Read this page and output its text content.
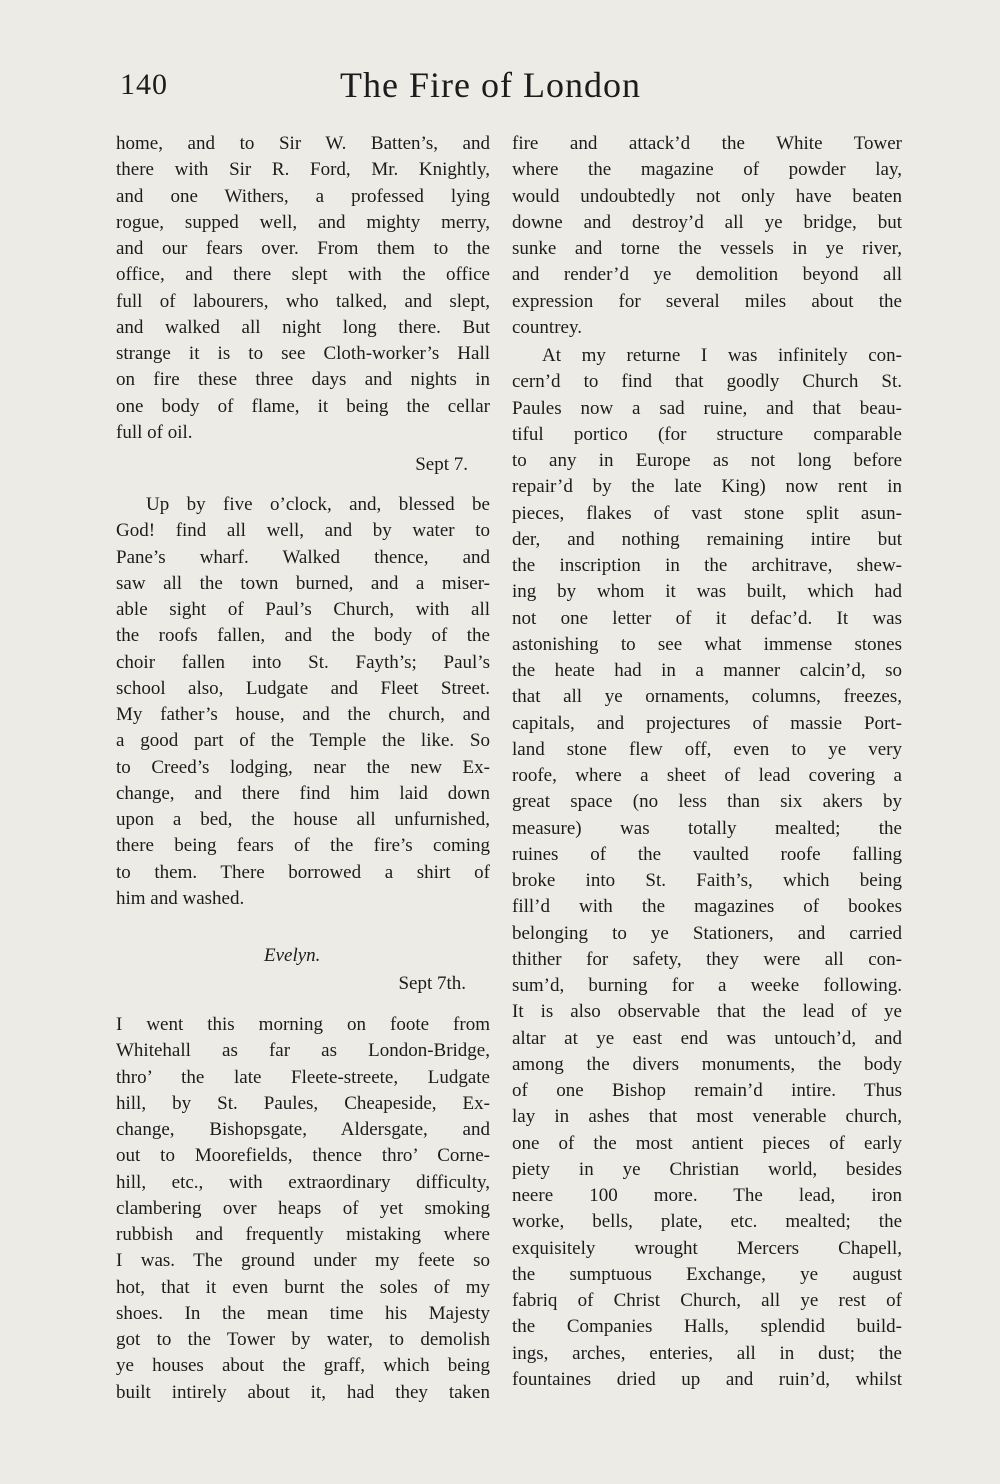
140	The Fire of London
home, and to Sir W. Batten’s, and
there with Sir R. Ford, Mr. Knightly,
and one Withers, a professed lying
rogue, supped well, and mighty merry,
and our fears over. From them to the
office, and there slept with the office
full of labourers, who talked, and slept,
and walked all night long there. But
strange it is to see Cloth-worker’s Hall
on fire these three days and nights in
one body of flame, it being the cellar
full of oil.
Sept 7.
Up by five o’clock, and, blessed be
God! find all well, and by water to
Pane’s wharf. Walked thence, and
saw all the town burned, and a miser-
able sight of Paul’s Church, with all
the roofs fallen, and the body of the
choir fallen into St. Fayth’s; Paul’s
school also, Ludgate and Fleet Street.
My father’s house, and the church, and
a good part of the Temple the like. So
to Creed’s lodging, near the new Ex-
change, and there find him laid down
upon a bed, the house all unfurnished,
there being fears of the fire’s coming
to them. There borrowed a shirt of
him and washed.
Evelyn.
Sept 7th.
I went this morning on foote from
Whitehall as far as London-Bridge,
thro’ the late Fleete-streete, Ludgate
hill, by St. Paules, Cheapeside, Ex-
change, Bishopsgate, Aldersgate, and
out to Moorefields, thence thro’ Corne-
hill, etc., with extraordinary difficulty,
clambering over heaps of yet smoking
rubbish and frequently mistaking where
I was. The ground under my feete so
hot, that it even burnt the soles of my
shoes. In the mean time his Majesty
got to the Tower by water, to demolish
ye houses about the graff, which being
built intirely about it, had they taken
fire and attack’d the White Tower
where the magazine of powder lay,
would undoubtedly not only have beaten
downe and destroy’d all ye bridge, but
sunke and torne the vessels in ye river,
and render’d ye demolition beyond all
expression for several miles about the
countrey.
At my returne I was infinitely con-
cern’d to find that goodly Church St.
Paules now a sad ruine, and that beau-
tiful portico (for structure comparable
to any in Europe as not long before
repair’d by the late King) now rent in
pieces, flakes of vast stone split asun-
der, and nothing remaining intire but
the inscription in the architrave, shew-
ing by whom it was built, which had
not one letter of it defac’d. It was
astonishing to see what immense stones
the heate had in a manner calcin’d, so
that all ye ornaments, columns, freezes,
capitals, and projectures of massie Port-
land stone flew off, even to ye very
roofe, where a sheet of lead covering a
great space (no less than six akers by
measure) was totally mealted; the
ruines of the vaulted roofe falling
broke into St. Faith’s, which being
fill’d with the magazines of bookes
belonging to ye Stationers, and carried
thither for safety, they were all con-
sum’d, burning for a weeke following.
It is also observable that the lead of ye
altar at ye east end was untouch’d, and
among the divers monuments, the body
of one Bishop remain’d intire. Thus
lay in ashes that most venerable church,
one of the most antient pieces of early
piety in ye Christian world, besides
neere 100 more. The lead, iron
worke, bells, plate, etc. mealted; the
exquisitely wrought Mercers Chapell,
the sumptuous Exchange, ye august
fabriq of Christ Church, all ye rest of
the Companies Halls, splendid build-
ings, arches, enteries, all in dust; the
fountaines dried up and ruin’d, whilst
